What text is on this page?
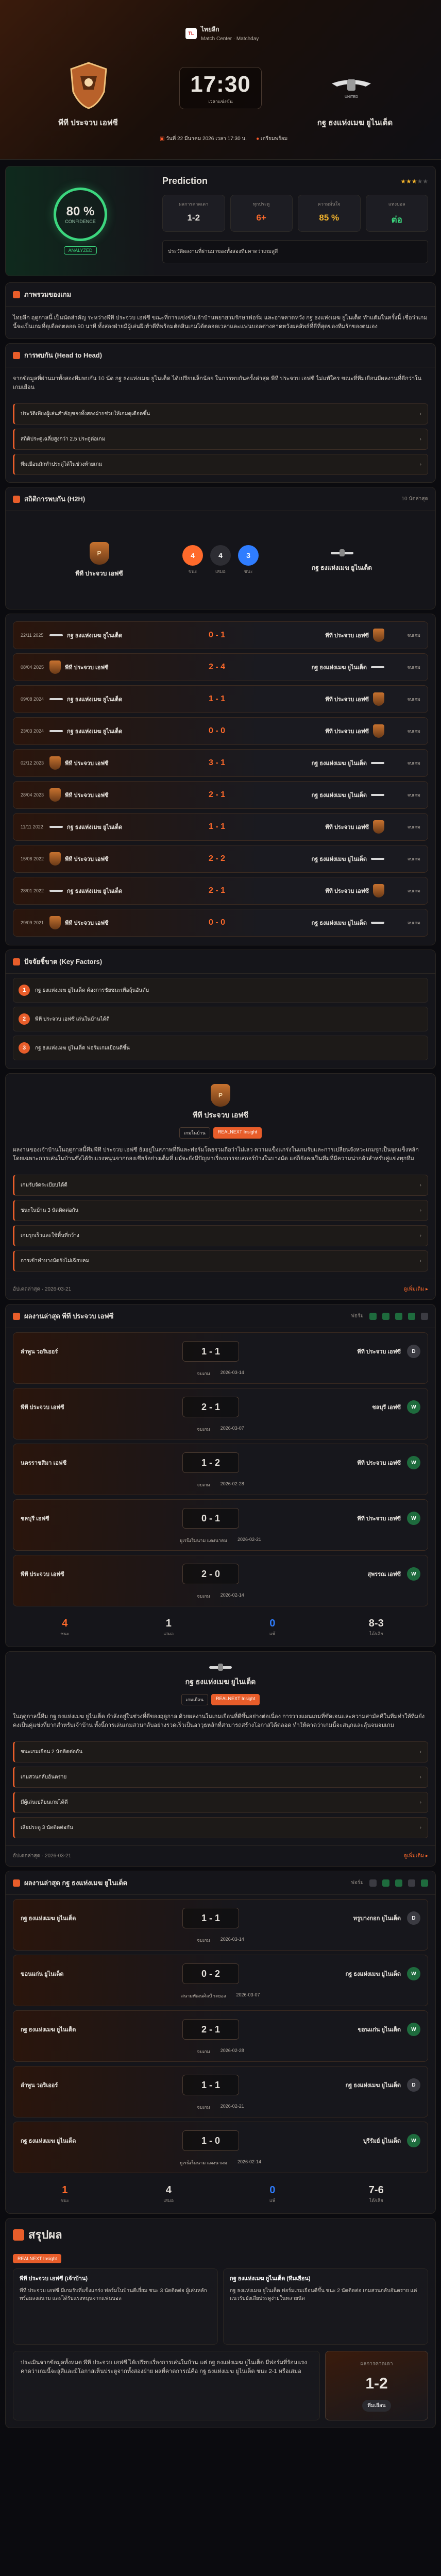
TL
ไทยลีก
Match Center · Matchday
พีที ประจวบ เอฟซี
17:30
เวลาแข่งขัน
UNITED
กฐ ธงแห่งเมฆ ยูไนเต็ด
▣ วันที่ 22 มีนาคม 2026 เวลา 17:30 น. ● เตรียมพร้อม
80 %
CONFIDENCE
ANALYZED
Prediction	★★★★★
ผลการคาดเดา
1-2
ทุกประตู
6+
ความมั่นใจ
85 %
แทงบอล
ต่อ
ประวัติผลงานที่ผ่านมาของทั้งสองทีมคาดว่าเกมสูสี
ภาพรวมของเกม
ไทยลีก ฤดูกาลนี้ เป็นนัดสำคัญ ระหว่างพีที ประจวบ เอฟซี ขณะที่การแข่งขันเจ้าบ้านพยายามรักษาฟอร์ม และอาจคาดหวัง กฐ ธงแห่งเมฆ ยูไนเต็ด ทำแต้มในครั้งนี้ เชื่อว่าเกมนี้จะเป็นเกมที่ดุเดือดตลอด 90 นาที ทั้งสองฝ่ายมีผู้เล่นฝีเท้าดีที่พร้อมตัดสินเกมได้ตลอดเวลาและแฟนบอลต่างคาดหวังผลลัพธ์ที่ดีที่สุดของทีมรักของตนเอง
การพบกัน (Head to Head)
จากข้อมูลที่ผ่านมาทั้งสองทีมพบกัน 10 นัด กฐ ธงแห่งเมฆ ยูไนเต็ด ได้เปรียบเล็กน้อย ในการพบกันครั้งล่าสุด พีที ประจวบ เอฟซี ไม่แพ้ใคร ขณะที่ทีมเยือนมีผลงานที่ดีกว่าในเกมเยือน
ประวัติเพียงผู้เล่นสำคัญของทั้งสองฝ่ายช่วยให้เกมดุเดือดขึ้น	›
สถิติประตูเฉลี่ยสูงกว่า 2.5 ประตูต่อเกม	›
ทีมเยือนมักทำประตูได้ในช่วงท้ายเกม	›
สถิติการพบกัน (H2H)	10 นัดล่าสุด
P
พีที ประจวบ เอฟซี
4
ชนะ
4
เสมอ
3
ชนะ
กฐ ธงแห่งเมฆ ยูไนเต็ด
22/11 2025	กฐ ธงแห่งเมฆ ยูไนเต็ด	0 - 1	พีที ประจวบ เอฟซี	จบเกม
08/04 2025	พีที ประจวบ เอฟซี	2 - 4	กฐ ธงแห่งเมฆ ยูไนเต็ด	จบเกม
09/08 2024	กฐ ธงแห่งเมฆ ยูไนเต็ด	1 - 1	พีที ประจวบ เอฟซี	จบเกม
23/03 2024	กฐ ธงแห่งเมฆ ยูไนเต็ด	0 - 0	พีที ประจวบ เอฟซี	จบเกม
02/12 2023	พีที ประจวบ เอฟซี	3 - 1	กฐ ธงแห่งเมฆ ยูไนเต็ด	จบเกม
28/04 2023	พีที ประจวบ เอฟซี	2 - 1	กฐ ธงแห่งเมฆ ยูไนเต็ด	จบเกม
11/11 2022	กฐ ธงแห่งเมฆ ยูไนเต็ด	1 - 1	พีที ประจวบ เอฟซี	จบเกม
15/06 2022	พีที ประจวบ เอฟซี	2 - 2	กฐ ธงแห่งเมฆ ยูไนเต็ด	จบเกม
28/01 2022	กฐ ธงแห่งเมฆ ยูไนเต็ด	2 - 1	พีที ประจวบ เอฟซี	จบเกม
29/09 2021	พีที ประจวบ เอฟซี	0 - 0	กฐ ธงแห่งเมฆ ยูไนเต็ด	จบเกม
ปัจจัยชี้ขาด (Key Factors)
1	กฐ ธงแห่งเมฆ ยูไนเต็ด ต้องการชัยชนะเพื่อลุ้นอันดับ
2	พีที ประจวบ เอฟซี เล่นในบ้านได้ดี
3	กฐ ธงแห่งเมฆ ยูไนเต็ด ฟอร์มเกมเยือนดีขึ้น
P
พีที ประจวบ เอฟซี
เกมในบ้าน	REALNEXT Insight
ผลงานของเจ้าบ้านในฤดูกาลนี้ทีมพีที ประจวบ เอฟซี ยังอยู่ในสภาพที่ดีและฟอร์มโดยรวมถือว่าไม่เลว ความแข็งแกร่งในเกมรับและการเปลี่ยนจังหวะเกมรุกเป็นจุดแข็งหลัก โดยเฉพาะการเล่นในบ้านซึ่งได้รับแรงหนุนจากกองเชียร์อย่างเต็มที่ แม้จะยังมีปัญหาเรื่องการจบสกอร์บ้างในบางนัด แต่ก็ยังคงเป็นทีมที่มีความน่ากลัวสำหรับคู่แข่งทุกทีม
เกมรับจัดระเบียบได้ดี	›
ชนะในบ้าน 3 นัดติดต่อกัน	›
เกมรุกเร็วและใช้พื้นที่กว้าง	›
การเข้าทำบางนัดยังไม่เฉียบคม	›
อัปเดตล่าสุด · 2026-03-21	ดูเพิ่มเติม ▸
ผลงานล่าสุด พีที ประจวบ เอฟซี	ฟอร์ม
ลำพูน วอริเออร์	1 - 1	พีที ประจวบ เอฟซี	D
จบเกม 2026-03-14
พีที ประจวบ เอฟซี	2 - 1	ชลบุรี เอฟซี	W
จบเกม 2026-03-07
นครราชสีมา เอฟซี	1 - 2	พีที ประจวบ เอฟซี	W
จบเกม 2026-02-28
ชลบุรี เอฟซี	0 - 1	พีที ประจวบ เอฟซี	W
ยูเรนิเร็มนาม แตงนาคม 2026-02-21
พีที ประจวบ เอฟซี	2 - 0	สุพรรณ เอฟซี	W
จบเกม 2026-02-14
4
ชนะ
1
เสมอ
0
แพ้
8-3
ได้/เสีย
กฐ ธงแห่งเมฆ ยูไนเต็ด
เกมเยือน	REALNEXT Insight
ในฤดูกาลนี้ทีม กฐ ธงแห่งเมฆ ยูไนเต็ด กำลังอยู่ในช่วงที่ดีของฤดูกาล ด้วยผลงานในเกมเยือนที่ดีขึ้นอย่างต่อเนื่อง การวางแผนเกมที่ชัดเจนและความสามัคคีในทีมทำให้ทีมยังคงเป็นคู่แข่งที่ยากสำหรับเจ้าบ้าน ทั้งนี้การเล่นเกมสวนกลับอย่างรวดเร็วเป็นอาวุธหลักที่สามารถสร้างโอกาสได้ตลอด ทำให้คาดว่าเกมนี้จะสนุกและลุ้นจนจบเกม
ชนะเกมเยือน 2 นัดติดต่อกัน	›
เกมสวนกลับอันตราย	›
มีผู้เล่นเปลี่ยนเกมได้ดี	›
เสียประตู 3 นัดติดต่อกัน	›
อัปเดตล่าสุด · 2026-03-21	ดูเพิ่มเติม ▸
ผลงานล่าสุด กฐ ธงแห่งเมฆ ยูไนเต็ด	ฟอร์ม
กฐ ธงแห่งเมฆ ยูไนเต็ด	1 - 1	ทรูบางกอก ยูไนเต็ด	D
จบเกม 2026-03-14
ขอนแก่น ยูไนเต็ด	0 - 2	กฐ ธงแห่งเมฆ ยูไนเต็ด	W
สนามพัฒนศิลป์ ระยอง 2026-03-07
กฐ ธงแห่งเมฆ ยูไนเต็ด	2 - 1	ขอนแก่น ยูไนเต็ด	W
จบเกม 2026-02-28
ลำพูน วอริเออร์	1 - 1	กฐ ธงแห่งเมฆ ยูไนเต็ด	D
จบเกม 2026-02-21
กฐ ธงแห่งเมฆ ยูไนเต็ด	1 - 0	บุรีรัมย์ ยูไนเต็ด	W
ยูเรนิเร็มนาม แตงนาคม 2026-02-14
1
ชนะ
4
เสมอ
0
แพ้
7-6
ได้/เสีย
สรุปผล
REALNEXT Insight
พีที ประจวบ เอฟซี (เจ้าบ้าน)
พีที ประจวบ เอฟซี มีเกมรับที่แข็งแกร่ง ฟอร์มในบ้านดีเยี่ยม ชนะ 3 นัดติดต่อ ผู้เล่นหลักพร้อมลงสนาม และได้รับแรงหนุนจากแฟนบอล
กฐ ธงแห่งเมฆ ยูไนเต็ด (ทีมเยือน)
กฐ ธงแห่งเมฆ ยูไนเต็ด ฟอร์มเกมเยือนดีขึ้น ชนะ 2 นัดติดต่อ เกมสวนกลับอันตราย แต่แนวรับยังเสียประตูง่ายในหลายนัด
ประเมินจากข้อมูลทั้งหมด พีที ประจวบ เอฟซี ได้เปรียบเรื่องการเล่นในบ้าน แต่ กฐ ธงแห่งเมฆ ยูไนเต็ด มีฟอร์มที่ร้อนแรง คาดว่าเกมนี้จะสูสีและมีโอกาสเห็นประตูจากทั้งสองฝ่าย ผลที่คาดการณ์คือ กฐ ธงแห่งเมฆ ยูไนเต็ด ชนะ 2-1 หรือเสมอ
ผลการคาดเดา
1-2
ทีมเยือน
